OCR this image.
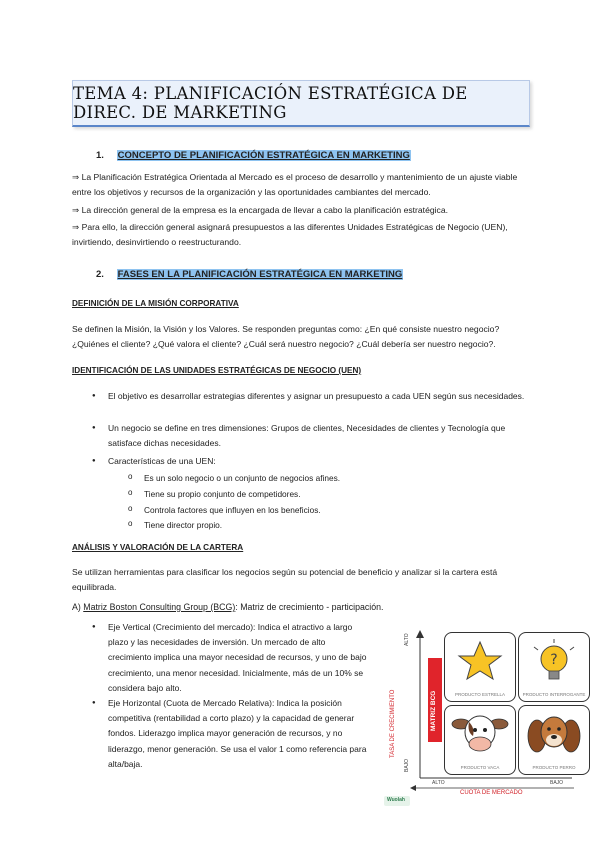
TEMA 4: PLANIFICACIÓN ESTRATÉGICA DE DIREC. DE MARKETING
1. CONCEPTO DE PLANIFICACIÓN ESTRATÉGICA EN MARKETING
⇒ La Planificación Estratégica Orientada al Mercado es el proceso de desarrollo y mantenimiento de un ajuste viable entre los objetivos y recursos de la organización y las oportunidades cambiantes del mercado.
⇒ La dirección general de la empresa es la encargada de llevar a cabo la planificación estratégica.
⇒ Para ello, la dirección general asignará presupuestos a las diferentes Unidades Estratégicas de Negocio (UEN), invirtiendo, desinvirtiendo o reestructurando.
2. FASES EN LA PLANIFICACIÓN ESTRATÉGICA EN MARKETING
DEFINICIÓN DE LA MISIÓN CORPORATIVA
Se definen la Misión, la Visión y los Valores. Se responden preguntas como: ¿En qué consiste nuestro negocio? ¿Quiénes el cliente? ¿Qué valora el cliente? ¿Cuál será nuestro negocio? ¿Cuál debería ser nuestro negocio?.
IDENTIFICACIÓN DE LAS UNIDADES ESTRATÉGICAS DE NEGOCIO (UEN)
● El objetivo es desarrollar estrategias diferentes y asignar un presupuesto a cada UEN según sus necesidades.
● Un negocio se define en tres dimensiones: Grupos de clientes, Necesidades de clientes y Tecnología que satisface dichas necesidades.
● Características de una UEN:
o Es un solo negocio o un conjunto de negocios afines.
o Tiene su propio conjunto de competidores.
o Controla factores que influyen en los beneficios.
o Tiene director propio.
ANÁLISIS Y VALORACIÓN DE LA CARTERA
Se utilizan herramientas para clasificar los negocios según su potencial de beneficio y analizar si la cartera está equilibrada.
A) Matriz Boston Consulting Group (BCG): Matriz de crecimiento - participación.
● Eje Vertical (Crecimiento del mercado): Indica el atractivo a largo plazo y las necesidades de inversión. Un mercado de alto crecimiento implica una mayor necesidad de recursos, y uno de bajo crecimiento, una menor necesidad. Inicialmente, más de un 10% se considera bajo alto.
● Eje Horizontal (Cuota de Mercado Relativa): Indica la posición competitiva (rentabilidad a corto plazo) y la capacidad de generar fondos. Liderazgo implica mayor generación de recursos, y no liderazgo, menor generación. Se usa el valor 1 como referencia para alta/baja.
ALTO
BAJO
TASA DE CRECIMIENTO	MATRIZ BCG	PRODUCTO ESTRELLA
?
PRODUCTO INTERROGANTE
PRODUCTO VACA	PRODUCTO PERRO
ALTO	BAJO
CUOTA DE MERCADO
Wuolah
